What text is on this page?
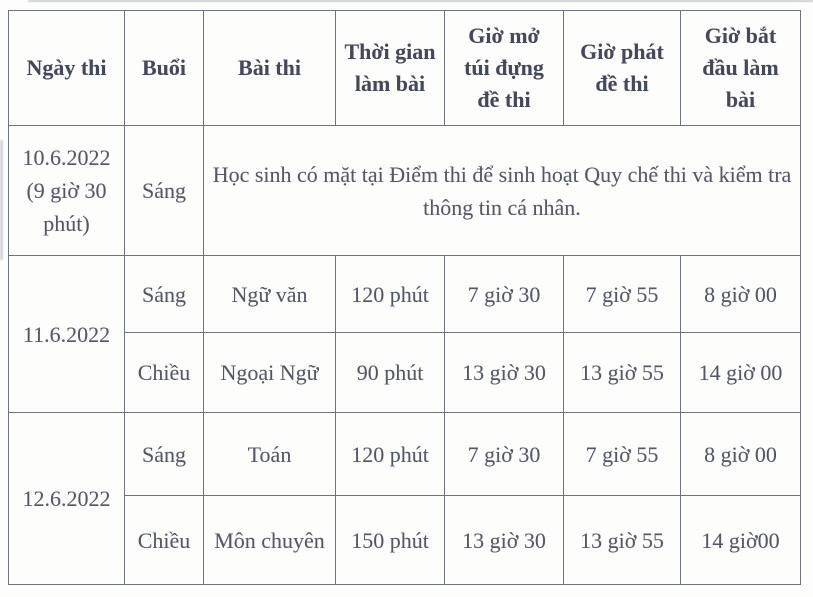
Ngày thi	Buổi	Bài thi	Thời gian làm bài	Giờ mở túi đựng đề thi	Giờ phát đề thi	Giờ bắt đầu làm bài
10.6.2022 (9 giờ 30 phút)	Sáng	Học sinh có mặt tại Điểm thi để sinh hoạt Quy chế thi và kiểm tra thông tin cá nhân.				
11.6.2022	Sáng	Ngữ văn	120 phút	7 giờ 30	7 giờ 55	8 giờ 00
	Chiều	Ngoại Ngữ	90 phút	13 giờ 30	13 giờ 55	14 giờ 00
12.6.2022	Sáng	Toán	120 phút	7 giờ 30	7 giờ 55	8 giờ 00
	Chiều	Môn chuyên	150 phút	13 giờ 30	13 giờ 55	14 giờ00
